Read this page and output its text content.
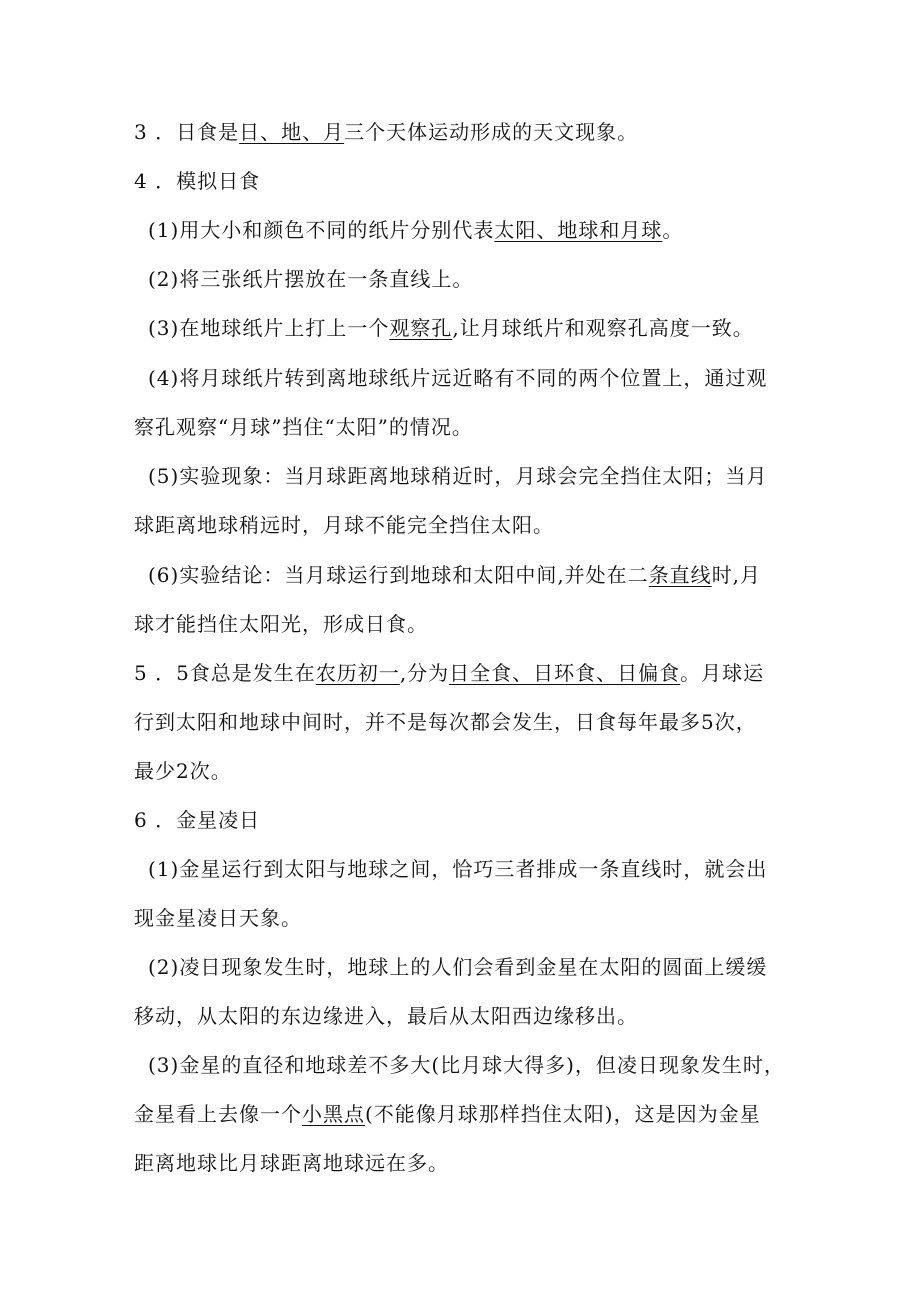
3 ．日食是日、地、月三个天体运动形成的天文现象。
4 ．模拟日食
(1)用大小和颜色不同的纸片分别代表太阳、地球和月球。
(2)将三张纸片摆放在一条直线上。
(3)在地球纸片上打上一个观察孔,让月球纸片和观察孔高度一致。
(4)将月球纸片转到离地球纸片远近略有不同的两个位置上，通过观
察孔观察“月球”挡住“太阳”的情况。
(5)实验现象：当月球距离地球稍近时，月球会完全挡住太阳；当月
球距离地球稍远时，月球不能完全挡住太阳。
(6)实验结论：当月球运行到地球和太阳中间,并处在二条直线时,月
球才能挡住太阳光，形成日食。
5 ．5食总是发生在农历初一,分为日全食、日环食、日偏食。月球运
行到太阳和地球中间时，并不是每次都会发生，日食每年最多5次，
最少2次。
6 ．金星凌日
(1)金星运行到太阳与地球之间，恰巧三者排成一条直线时，就会出
现金星凌日天象。
(2)凌日现象发生时，地球上的人们会看到金星在太阳的圆面上缓缓
移动，从太阳的东边缘进入，最后从太阳西边缘移出。
(3)金星的直径和地球差不多大(比月球大得多)，但凌日现象发生时，
金星看上去像一个小黑点(不能像月球那样挡住太阳)，这是因为金星
距离地球比月球距离地球远在多。
